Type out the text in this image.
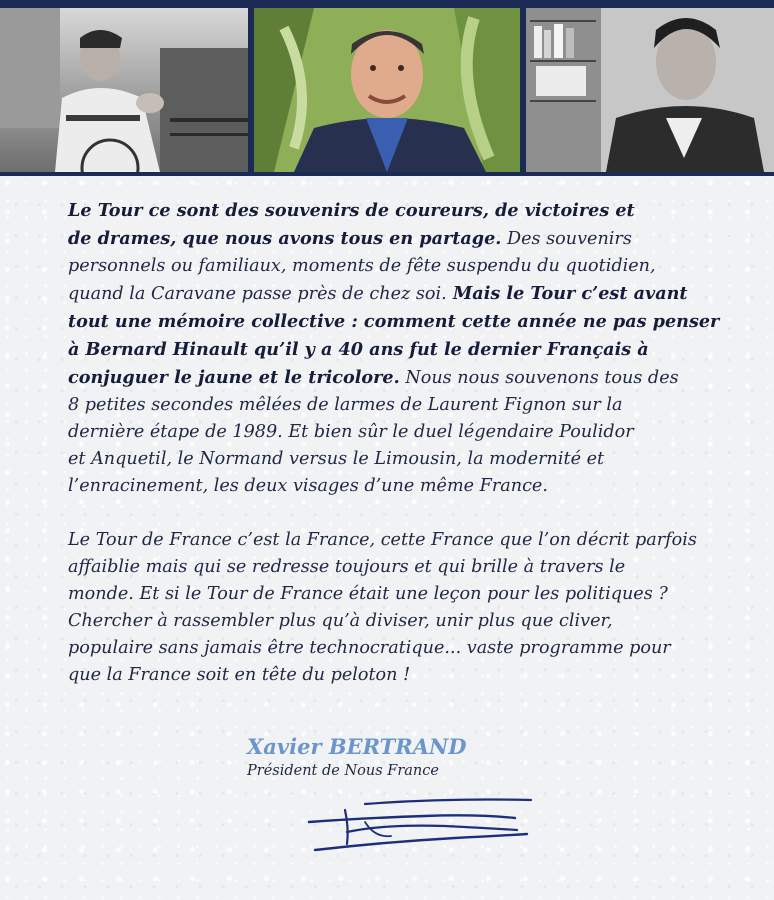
Le Tour ce sont des souvenirs de coureurs, de victoires et
de drames, que nous avons tous en partage. Des souvenirs
personnels ou familiaux, moments de fête suspendu du quotidien,
quand la Caravane passe près de chez soi. Mais le Tour c’est avant
tout une mémoire collective : comment cette année ne pas penser
à Bernard Hinault qu’il y a 40 ans fut le dernier Français à
conjuguer le jaune et le tricolore. Nous nous souvenons tous des
8 petites secondes mêlées de larmes de Laurent Fignon sur la
dernière étape de 1989. Et bien sûr le duel légendaire Poulidor
et Anquetil, le Normand versus le Limousin, la modernité et
l’enracinement, les deux visages d’une même France.

Le Tour de France c’est la France, cette France que l’on décrit parfois
affaiblie mais qui se redresse toujours et qui brille à travers le
monde. Et si le Tour de France était une leçon pour les politiques ?
Chercher à rassembler plus qu’à diviser, unir plus que cliver,
populaire sans jamais être technocratique... vaste programme pour
que la France soit en tête du peloton !

Xavier BERTRAND
Président de Nous France
